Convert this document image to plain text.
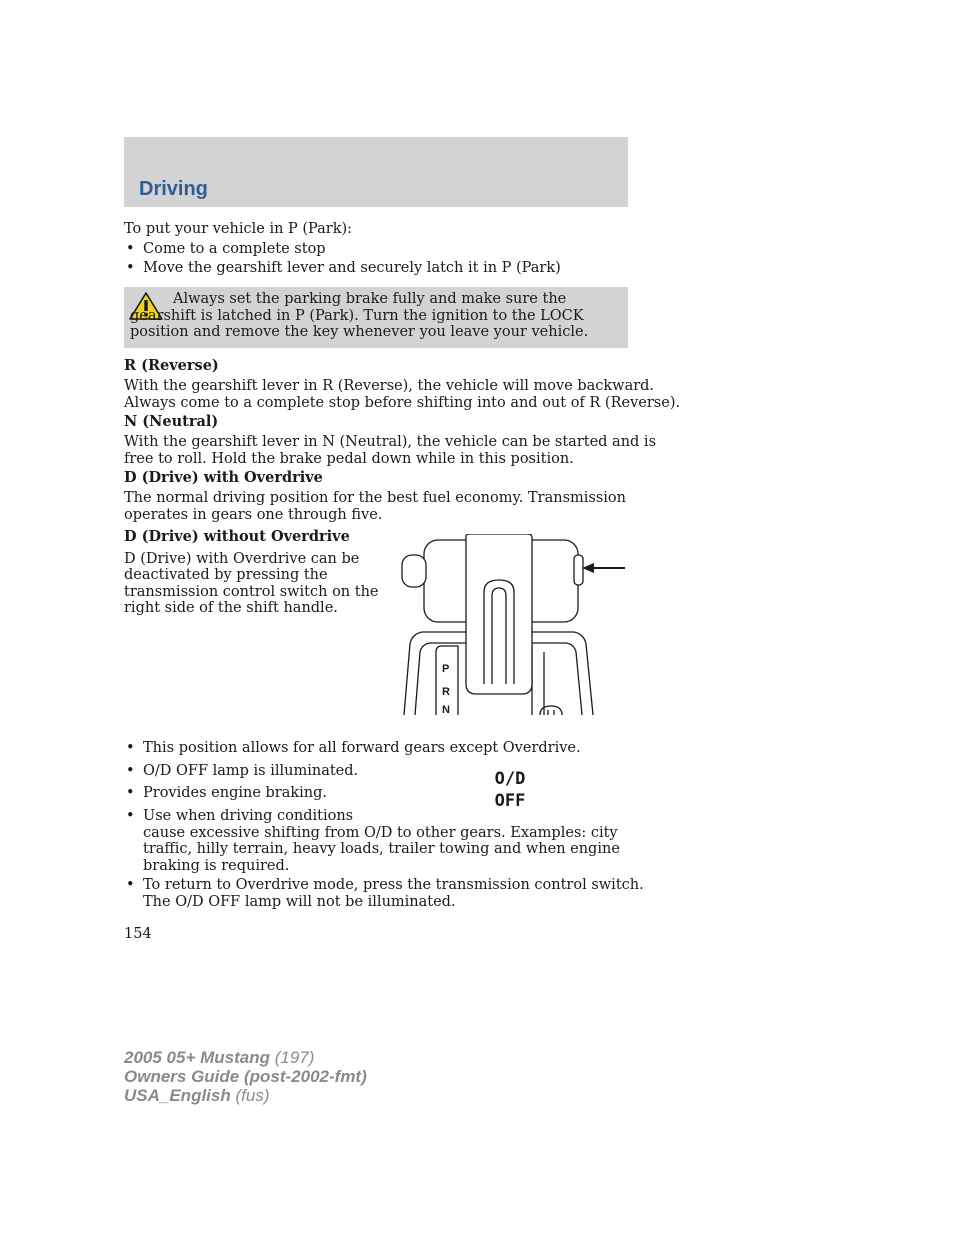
Driving
To put your vehicle in P (Park):
• Come to a complete stop
• Move the gearshift lever and securely latch it in P (Park)
Always set the parking brake fully and make sure the gearshift is latched in P (Park). Turn the ignition to the LOCK position and remove the key whenever you leave your vehicle.
R (Reverse)
With the gearshift lever in R (Reverse), the vehicle will move backward.
Always come to a complete stop before shifting into and out of R (Reverse).
N (Neutral)
With the gearshift lever in N (Neutral), the vehicle can be started and is
free to roll. Hold the brake pedal down while in this position.
D (Drive) with Overdrive
The normal driving position for the best fuel economy. Transmission
operates in gears one through five.
D (Drive) without Overdrive
D (Drive) with Overdrive can be
deactivated by pressing the
transmission control switch on the
right side of the shift handle.
P
R
N
• This position allows for all forward gears except Overdrive.
• O/D OFF lamp is illuminated.
• Provides engine braking.
• Use when driving conditions
cause excessive shifting from O/D to other gears. Examples: city
traffic, hilly terrain, heavy loads, trailer towing and when engine
braking is required.
• To return to Overdrive mode, press the transmission control switch.
The O/D OFF lamp will not be illuminated.
O/D
OFF
154
2005 05+ Mustang (197)
Owners Guide (post-2002-fmt)
USA_English (fus)
